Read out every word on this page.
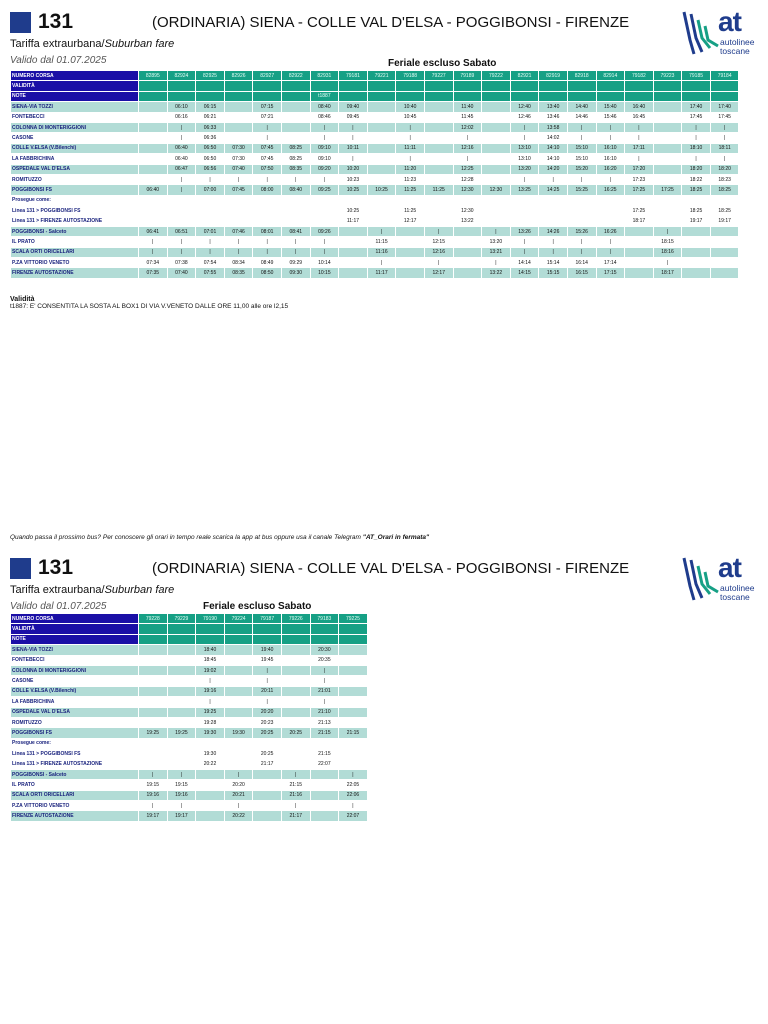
131	(ORDINARIA) SIENA - COLLE VAL D'ELSA - POGGIBONSI - FIRENZE	at
autolinee
toscane
Tariffa extraurbana/Suburban fare
Valido dal 01.07.2025	Feriale escluso Sabato
NUMERO CORSA	82895	82924	82925	82926	82927	82922	82931	79181	79221	79188	79227	79189	79222	82921	82919	82918	82914	79182	79223	79185	79184
VALIDITÀ																					
NOTE							t1887														
SIENA-VIA TOZZI		06:10	06:15		07:15		08:40	09:40		10:40		11:40		12:40	13:40	14:40	15:40	16:40		17:40	17:40
FONTEBECCI		06:16	06:21		07:21		08:46	09:45		10:45		11:45		12:46	13:46	14:46	15:46	16:45		17:45	17:45
COLONNA DI MONTERIGGIONI		|	06:33		|		|	|		|		12:02		|	13:58	|	|	|		|	|
CASONE		|	06:36		|		|	|		|		|		|	14:02	|	|	|		|	|
COLLE V.ELSA (V.Bilenchi)		06:40	06:50	07:30	07:45	08:25	09:10	10:11		11:11		12:16		13:10	14:10	15:10	16:10	17:11		18:10	18:11
LA FABBRICHINA		06:40	06:50	07:30	07:45	08:25	09:10	|		|		|		13:10	14:10	15:10	16:10	|		|	|
OSPEDALE VAL D'ELSA		06:47	06:56	07:40	07:50	08:35	09:20	10:20		11:20		12:25		13:20	14:20	15:20	16:20	17:20		18:20	18:20
ROMITUZZO		|	|	|	|	|	|	10:23		11:23		12:28		|	|	|	|	17:23		18:22	18:23
POGGIBONSI FS	06:40	|	07:00	07:45	08:00	08:40	09:25	10:25	10:25	11:25	11:25	12:30	12:30	13:25	14:25	15:25	16:25	17:25	17:25	18:25	18:25
Prosegue come:																					
Linea 131 > POGGIBONSI FS								10:25		11:25		12:30						17:25		18:25	18:25
Linea 131 > FIRENZE AUTOSTAZIONE								11:17		12:17		13:22						18:17		19:17	19:17
POGGIBONSI - Salceto	06:41	06:51	07:01	07:46	08:01	08:41	09:26		|		|		|	13:26	14:26	15:26	16:26		|		
IL PRATO	|	|	|	|	|	|	|		11:15		12:15		13:20	|	|	|	|		18:15		
SCALA ORTI ORICELLARI	|	|	|	|	|	|	|		11:16		12:16		13:21	|	|	|	|		18:16		
P.ZA VITTORIO VENETO	07:34	07:38	07:54	08:34	08:49	09:29	10:14		|		|		|	14:14	15:14	16:14	17:14		|		
FIRENZE AUTOSTAZIONE	07:35	07:40	07:55	08:35	08:50	09:30	10:15		11:17		12:17		13:22	14:15	15:15	16:15	17:15		18:17		
Validità
t1887: E' CONSENTITA LA SOSTA AL BOX1 DI VIA V.VENETO DALLE ORE 11,00 alle ore l2,15
Quando passa il prossimo bus? Per conoscere gli orari in tempo reale scarica la app at bus oppure usa il canale Telegram "AT_Orari in fermata"
131	(ORDINARIA) SIENA - COLLE VAL D'ELSA - POGGIBONSI - FIRENZE	at
autolinee
toscane
Tariffa extraurbana/Suburban fare
Valido dal 01.07.2025	Feriale escluso Sabato
NUMERO CORSA	79228	79229	79190	79224	79187	79226	79183	79225
VALIDITÀ								
NOTE								
SIENA-VIA TOZZI			18:40		19:40		20:30	
FONTEBECCI			18:45		19:45		20:35	
COLONNA DI MONTERIGGIONI			19:02		|		|	
CASONE			|		|		|	
COLLE V.ELSA (V.Bilenchi)			19:16		20:11		21:01	
LA FABBRICHINA			|		|		|	
OSPEDALE VAL D'ELSA			19:25		20:20		21:10	
ROMITUZZO			19:28		20:23		21:13	
POGGIBONSI FS	19:25	19:25	19:30	19:30	20:25	20:25	21:15	21:15
Prosegue come:								
Linea 131 > POGGIBONSI FS			19:30		20:25		21:15	
Linea 131 > FIRENZE AUTOSTAZIONE			20:22		21:17		22:07	
POGGIBONSI - Salceto	|	|		|		|		|
IL PRATO	19:15	19:15		20:20		21:15		22:05
SCALA ORTI ORICELLARI	19:16	19:16		20:21		21:16		22:06
P.ZA VITTORIO VENETO	|	|		|		|		|
FIRENZE AUTOSTAZIONE	19:17	19:17		20:22		21:17		22:07
